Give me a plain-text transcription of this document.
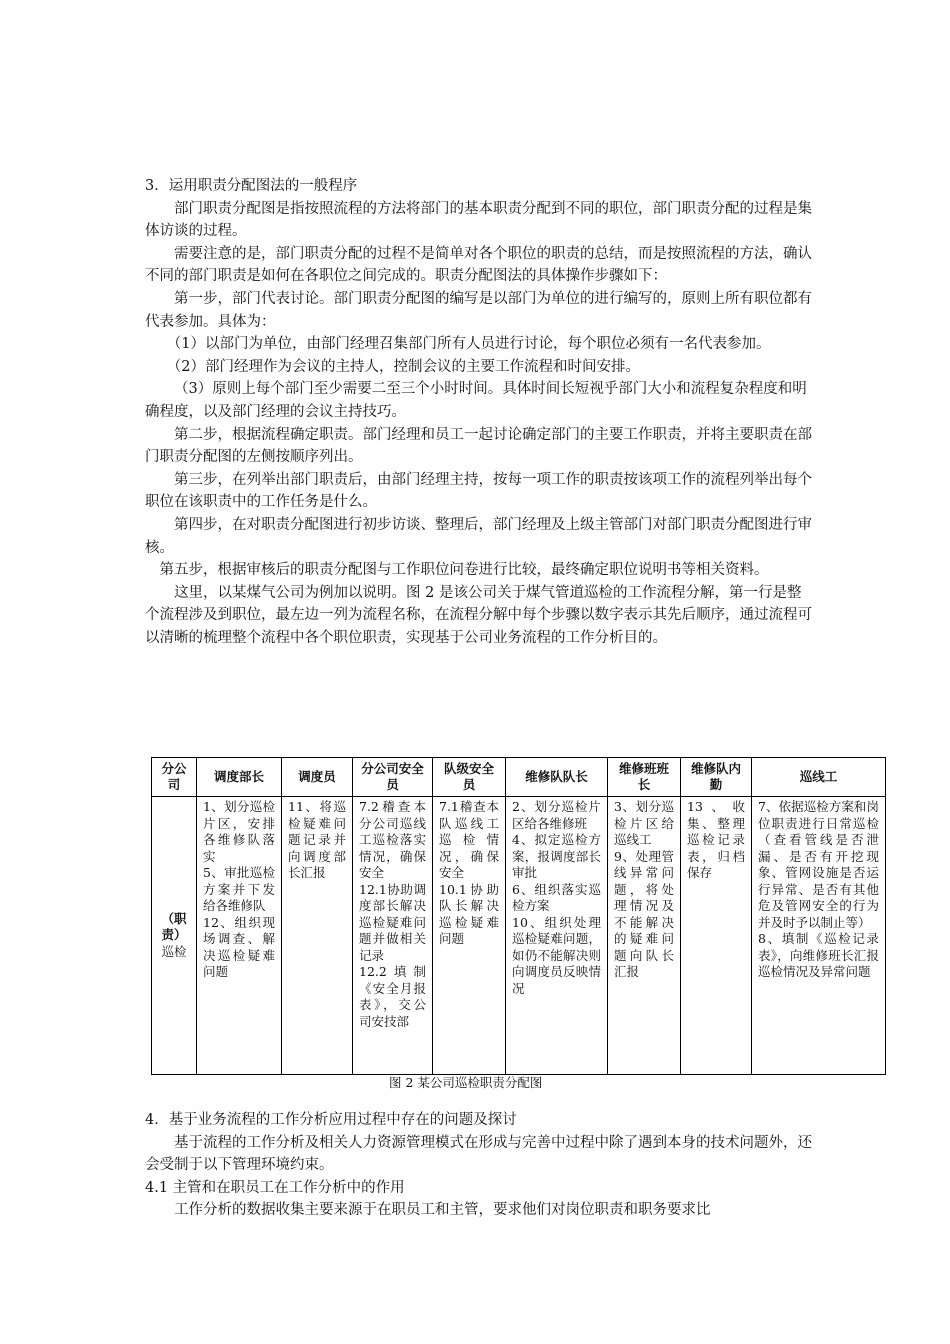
3．运用职责分配图法的一般程序

部门职责分配图是指按照流程的方法将部门的基本职责分配到不同的职位，部门职责分配的过程是集体访谈的过程。

需要注意的是，部门职责分配的过程不是简单对各个职位的职责的总结，而是按照流程的方法，确认不同的部门职责是如何在各职位之间完成的。职责分配图法的具体操作步骤如下：

第一步，部门代表讨论。部门职责分配图的编写是以部门为单位的进行编写的，原则上所有职位都有代表参加。具体为：

（1）以部门为单位，由部门经理召集部门所有人员进行讨论，每个职位必须有一名代表参加。

（2）部门经理作为会议的主持人，控制会议的主要工作流程和时间安排。

（3）原则上每个部门至少需要二至三个小时时间。具体时间长短视乎部门大小和流程复杂程度和明确程度，以及部门经理的会议主持技巧。

第二步，根据流程确定职责。部门经理和员工一起讨论确定部门的主要工作职责，并将主要职责在部门职责分配图的左侧按顺序列出。

第三步，在列举出部门职责后，由部门经理主持，按每一项工作的职责按该项工作的流程列举出每个职位在该职责中的工作任务是什么。

第四步，在对职责分配图进行初步访谈、整理后，部门经理及上级主管部门对部门职责分配图进行审核。

第五步，根据审核后的职责分配图与工作职位问卷进行比较，最终确定职位说明书等相关资料。

这里，以某煤气公司为例加以说明。图 2 是该公司关于煤气管道巡检的工作流程分解，第一行是整个流程涉及到职位，最左边一列为流程名称，在流程分解中每个步骤以数字表示其先后顺序，通过流程可以清晰的梳理整个流程中各个职位职责，实现基于公司业务流程的工作分析目的。

分公司	调度部长	调度员	分公司安全员	队级安全员	维修队队长	维修班班长	维修队内勤	巡线工
（职责）
巡检	1、划分巡检片区，安排各维修队落实
5、审批巡检方案并下发给各维修队
12、组织现场调查、解决巡检疑难问题	11、将巡检疑难问题记录并向调度部长汇报	7.2稽查本分公司巡线工巡检落实情况，确保安全
12.1协助调度部长解决巡检疑难问题并做相关记录
12.2填制《安全月报表》，交公司安技部	7.1稽查本队巡线工巡检情况，确保安全
10.1协助队长解决巡检疑难问题	2、划分巡检片区给各维修班
4、拟定巡检方案，报调度部长审批
6、组织落实巡检方案
10、组织处理巡检疑难问题，如仍不能解决则向调度员反映情况	3、划分巡检片区给巡线工
9、处理管线异常问题，将处理情况及不能解决的疑难问题向队长汇报	13、收集、整理巡检记录表，归档保存	7、依据巡检方案和岗位职责进行日常巡检（查看管线是否泄漏、是否有开挖现象、管网设施是否运行异常、是否有其他危及管网安全的行为并及时予以制止等）
8、填制《巡检记录表》，向维修班长汇报巡检情况及异常问题
图 2 某公司巡检职责分配图

4．基于业务流程的工作分析应用过程中存在的问题及探讨

基于流程的工作分析及相关人力资源管理模式在形成与完善中过程中除了遇到本身的技术问题外，还会受制于以下管理环境约束。

4.1 主管和在职员工在工作分析中的作用

工作分析的数据收集主要来源于在职员工和主管，要求他们对岗位职责和职务要求比
